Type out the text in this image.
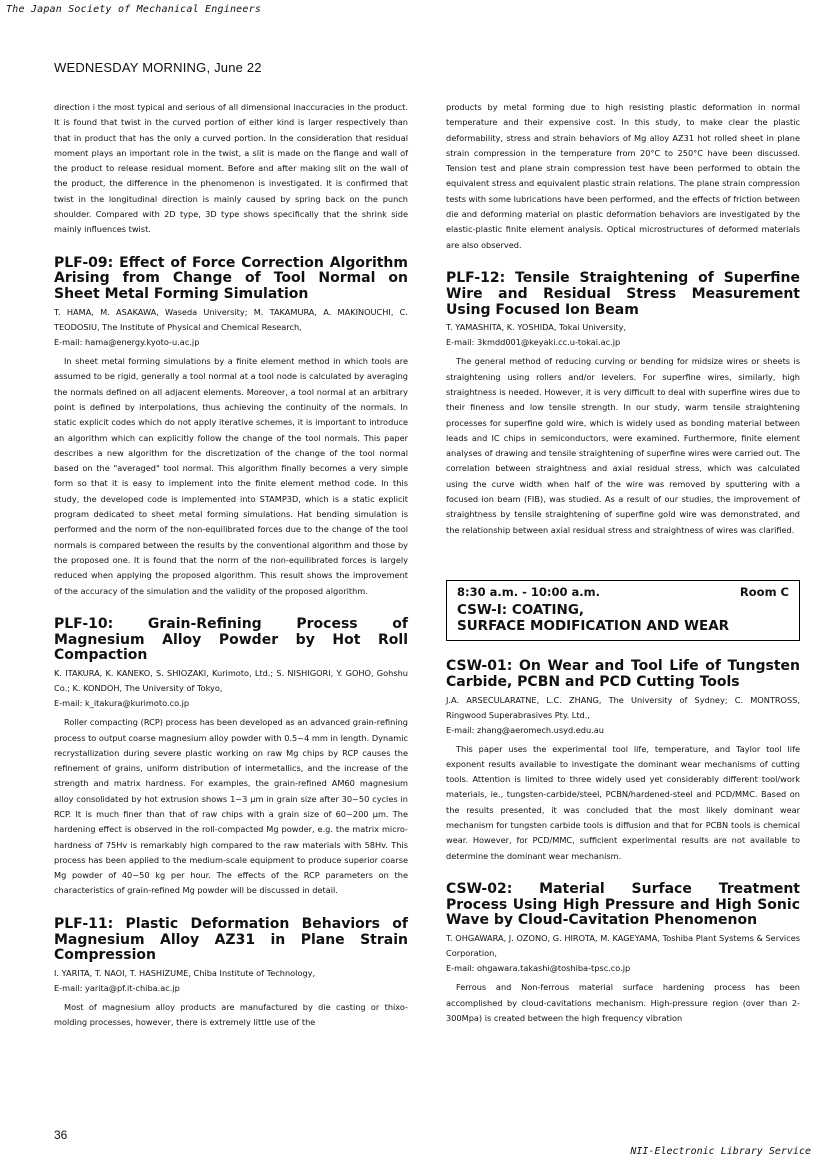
The Japan Society of Mechanical Engineers
WEDNESDAY MORNING, June 22

direction i the most typical and serious of all dimensional inaccuracies in the product. It is found that twist in the curved portion of either kind is larger respectively than that in product that has the only a curved portion. In the consideration that residual moment plays an important role in the twist, a slit is made on the flange and wall of the product to release residual moment. Before and after making slit on the wall of the product, the difference in the phenomenon is investigated. It is confirmed that twist in the longitudinal direction is mainly caused by spring back on the punch shoulder. Compared with 2D type, 3D type shows specifically that the shrink side mainly influences twist.

PLF-09: Effect of Force Correction Algorithm Arising from Change of Tool Normal on Sheet Metal Forming Simulation

T. HAMA, M. ASAKAWA, Waseda University; M. TAKAMURA, A. MAKINOUCHI, C. TEODOSIU, The Institute of Physical and Chemical Research,

E-mail: hama@energy.kyoto-u.ac.jp

In sheet metal forming simulations by a finite element method in which tools are assumed to be rigid, generally a tool normal at a tool node is calculated by averaging the normals defined on all adjacent elements. Moreover, a tool normal at an arbitrary point is defined by interpolations, thus achieving the continuity of the normals. In static explicit codes which do not apply iterative schemes, it is important to introduce an algorithm which can explicitly follow the change of the tool normals. This paper describes a new algorithm for the discretization of the change of the tool normal based on the "averaged" tool normal. This algorithm finally becomes a very simple form so that it is easy to implement into the finite element method code. In this study, the developed code is implemented into STAMP3D, which is a static explicit program dedicated to sheet metal forming simulations. Hat bending simulation is performed and the norm of the non-equilibrated forces due to the change of the tool normals is compared between the results by the conventional algorithm and those by the proposed one. It is found that the norm of the non-equilibrated forces is largely reduced when applying the proposed algorithm. This result shows the improvement of the accuracy of the simulation and the validity of the proposed algorithm.

PLF-10: Grain-Refining Process of Magnesium Alloy Powder by Hot Roll Compaction

K. ITAKURA, K. KANEKO, S. SHIOZAKI, Kurimoto, Ltd.; S. NISHIGORI, Y. GOHO, Gohshu Co.; K. KONDOH, The University of Tokyo,

E-mail: k_itakura@kurimoto.co.jp

Roller compacting (RCP) process has been developed as an advanced grain-refining process to output coarse magnesium alloy powder with 0.5~4 mm in length. Dynamic recrystallization during severe plastic working on raw Mg chips by RCP causes the refinement of grains, uniform distribution of intermetallics, and the increase of the strength and matrix hardness. For examples, the grain-refined AM60 magnesium alloy consolidated by hot extrusion shows 1~3 μm in grain size after 30~50 cycles in RCP. It is much finer than that of raw chips with a grain size of 60~200 μm. The hardening effect is observed in the roll-compacted Mg powder, e.g. the matrix micro-hardness of 75Hv is remarkably high compared to the raw materials with 58Hv. This process has been applied to the medium-scale equipment to produce superior coarse Mg powder of 40~50 kg per hour. The effects of the RCP parameters on the characteristics of grain-refined Mg powder will be discussed in detail.

PLF-11: Plastic Deformation Behaviors of Magnesium Alloy AZ31 in Plane Strain Compression

I. YARITA, T. NAOI, T. HASHIZUME, Chiba Institute of Technology,

E-mail: yarita@pf.it-chiba.ac.jp

Most of magnesium alloy products are manufactured by die casting or thixo-molding processes, however, there is extremely little use of the

products by metal forming due to high resisting plastic deformation in normal temperature and their expensive cost. In this study, to make clear the plastic deformability, stress and strain behaviors of Mg alloy AZ31 hot rolled sheet in plane strain compression in the temperature from 20°C to 250°C have been discussed. Tension test and plane strain compression test have been performed to obtain the equivalent stress and equivalent plastic strain relations. The plane strain compression tests with some lubrications have been performed, and the effects of friction between die and deforming material on plastic deformation behaviors are investigated by the elastic-plastic finite element analysis. Optical microstructures of deformed materials are also observed.

PLF-12: Tensile Straightening of Superfine Wire and Residual Stress Measurement Using Focused Ion Beam

T. YAMASHITA, K. YOSHIDA, Tokai University,

E-mail: 3kmdd001@keyaki.cc.u-tokai.ac.jp

The general method of reducing curving or bending for midsize wires or sheets is straightening using rollers and/or levelers. For superfine wires, similarly, high straightness is needed. However, it is very difficult to deal with superfine wires due to their fineness and low tensile strength. In our study, warm tensile straightening processes for superfine gold wire, which is widely used as bonding material between leads and IC chips in semiconductors, were examined. Furthermore, finite element analyses of drawing and tensile straightening of superfine wires were carried out. The correlation between straightness and axial residual stress, which was calculated using the curve width when half of the wire was removed by sputtering with a focused ion beam (FIB), was studied. As a result of our studies, the improvement of straightness by tensile straightening of superfine gold wire was demonstrated, and the relationship between axial residual stress and straightness of wires was clarified.

8:30 a.m. - 10:00 a.m.	Room C
CSW-I: COATING,
SURFACE MODIFICATION AND WEAR
CSW-01: On Wear and Tool Life of Tungsten Carbide, PCBN and PCD Cutting Tools

J.A. ARSECULARATNE, L.C. ZHANG, The University of Sydney; C. MONTROSS, Ringwood Superabrasives Pty. Ltd.,

E-mail: zhang@aeromech.usyd.edu.au

This paper uses the experimental tool life, temperature, and Taylor tool life exponent results available to investigate the dominant wear mechanisms of cutting tools. Attention is limited to three widely used yet considerably different tool/work materials, ie., tungsten-carbide/steel, PCBN/hardened-steel and PCD/MMC. Based on the results presented, it was concluded that the most likely dominant wear mechanism for tungsten carbide tools is diffusion and that for PCBN tools is chemical wear. However, for PCD/MMC, sufficient experimental results are not available to determine the dominant wear mechanism.

CSW-02: Material Surface Treatment Process Using High Pressure and High Sonic Wave by Cloud-Cavitation Phenomenon

T. OHGAWARA, J. OZONO, G. HIROTA, M. KAGEYAMA, Toshiba Plant Systems & Services Corporation,

E-mail: ohgawara.takashi@toshiba-tpsc.co.jp

Ferrous and Non-ferrous material surface hardening process has been accomplished by cloud-cavitations mechanism. High-pressure region (over than 2-300Mpa) is created between the high frequency vibration

36
NII-Electronic Library Service
